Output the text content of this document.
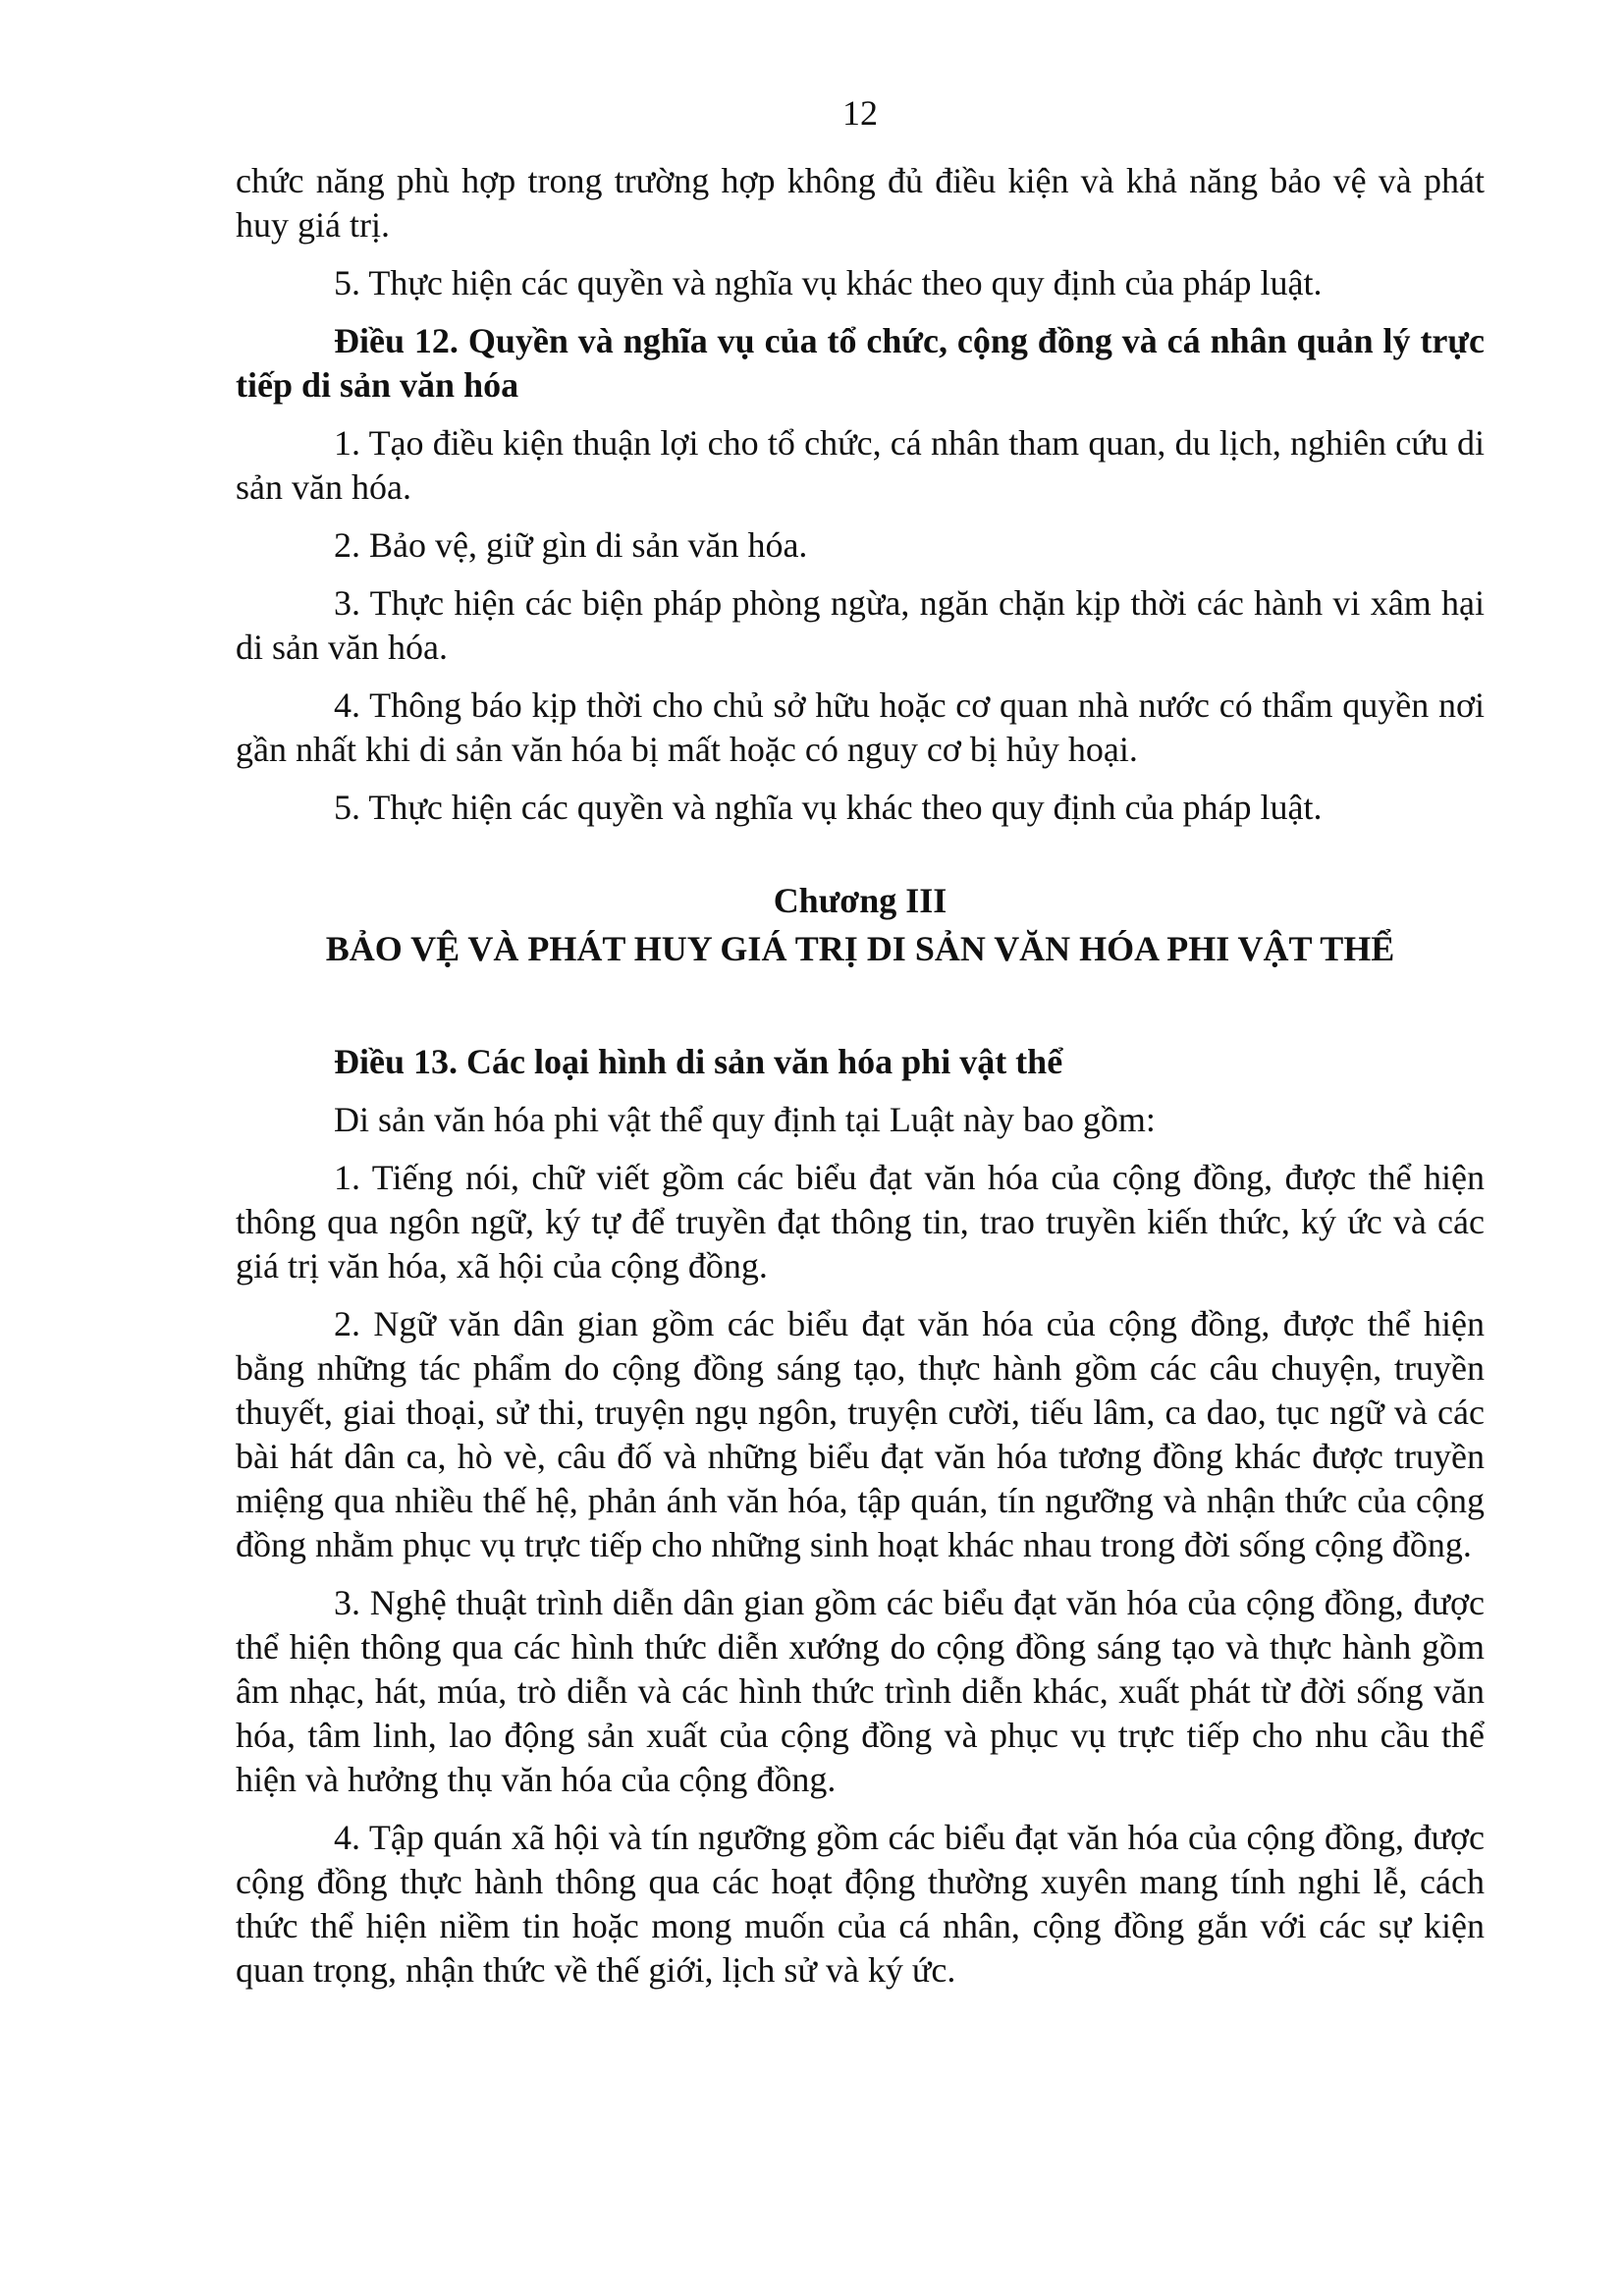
12

chức năng phù hợp trong trường hợp không đủ điều kiện và khả năng bảo vệ và phát huy giá trị.

5. Thực hiện các quyền và nghĩa vụ khác theo quy định của pháp luật.

Điều 12. Quyền và nghĩa vụ của tổ chức, cộng đồng và cá nhân quản lý trực tiếp di sản văn hóa

1. Tạo điều kiện thuận lợi cho tổ chức, cá nhân tham quan, du lịch, nghiên cứu di sản văn hóa.

2. Bảo vệ, giữ gìn di sản văn hóa.

3. Thực hiện các biện pháp phòng ngừa, ngăn chặn kịp thời các hành vi xâm hại di sản văn hóa.

4. Thông báo kịp thời cho chủ sở hữu hoặc cơ quan nhà nước có thẩm quyền nơi gần nhất khi di sản văn hóa bị mất hoặc có nguy cơ bị hủy hoại.

5. Thực hiện các quyền và nghĩa vụ khác theo quy định của pháp luật.

Chương III

BẢO VỆ VÀ PHÁT HUY GIÁ TRỊ DI SẢN VĂN HÓA PHI VẬT THỂ

Điều 13. Các loại hình di sản văn hóa phi vật thể

Di sản văn hóa phi vật thể quy định tại Luật này bao gồm:

1. Tiếng nói, chữ viết gồm các biểu đạt văn hóa của cộng đồng, được thể hiện thông qua ngôn ngữ, ký tự để truyền đạt thông tin, trao truyền kiến thức, ký ức và các giá trị văn hóa, xã hội của cộng đồng.

2. Ngữ văn dân gian gồm các biểu đạt văn hóa của cộng đồng, được thể hiện bằng những tác phẩm do cộng đồng sáng tạo, thực hành gồm các câu chuyện, truyền thuyết, giai thoại, sử thi, truyện ngụ ngôn, truyện cười, tiếu lâm, ca dao, tục ngữ và các bài hát dân ca, hò vè, câu đố và những biểu đạt văn hóa tương đồng khác được truyền miệng qua nhiều thế hệ, phản ánh văn hóa, tập quán, tín ngưỡng và nhận thức của cộng đồng nhằm phục vụ trực tiếp cho những sinh hoạt khác nhau trong đời sống cộng đồng.

3. Nghệ thuật trình diễn dân gian gồm các biểu đạt văn hóa của cộng đồng, được thể hiện thông qua các hình thức diễn xướng do cộng đồng sáng tạo và thực hành gồm âm nhạc, hát, múa, trò diễn và các hình thức trình diễn khác, xuất phát từ đời sống văn hóa, tâm linh, lao động sản xuất của cộng đồng và phục vụ trực tiếp cho nhu cầu thể hiện và hưởng thụ văn hóa của cộng đồng.

4. Tập quán xã hội và tín ngưỡng gồm các biểu đạt văn hóa của cộng đồng, được cộng đồng thực hành thông qua các hoạt động thường xuyên mang tính nghi lễ, cách thức thể hiện niềm tin hoặc mong muốn của cá nhân, cộng đồng gắn với các sự kiện quan trọng, nhận thức về thế giới, lịch sử và ký ức.
